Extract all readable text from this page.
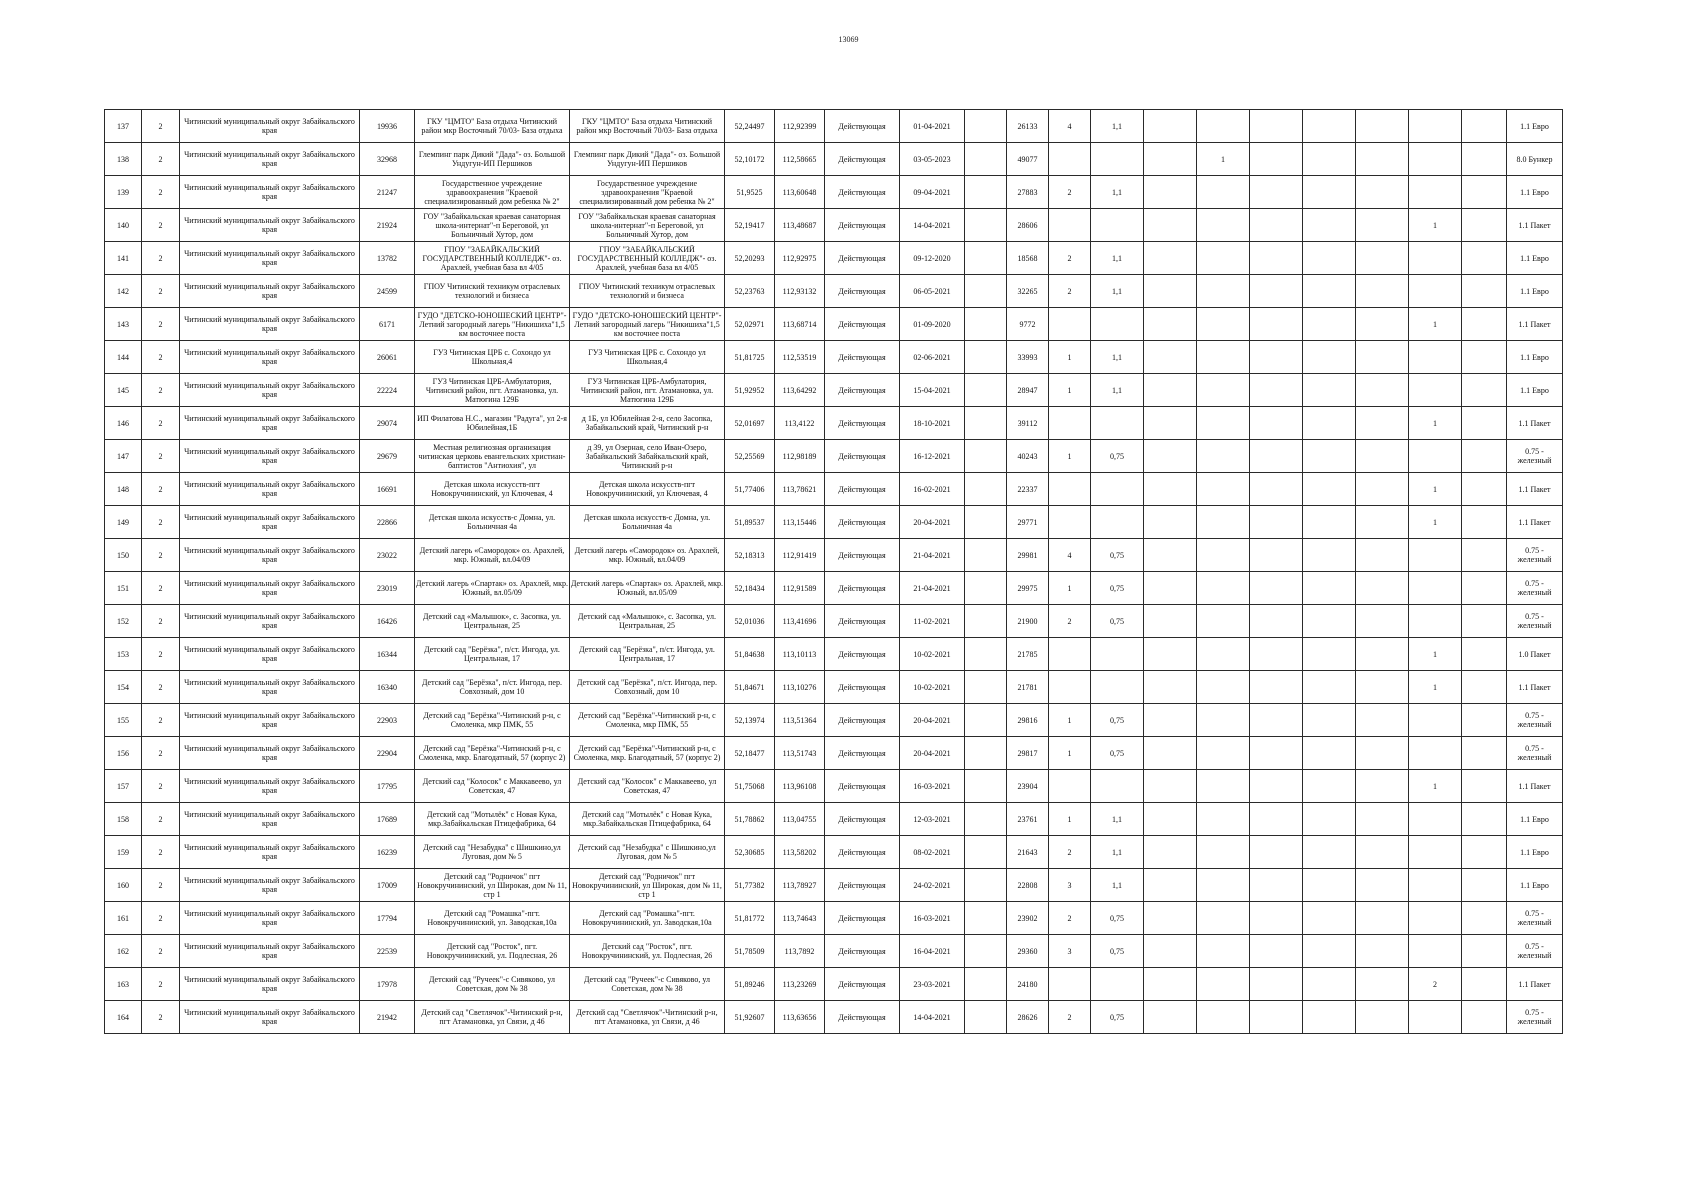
13069
137	2	Читинский муниципальный округ Забайкальского края	19936	ГКУ "ЦМТО" База отдыха Читинский район мкр Восточный 70/03- База отдыха	ГКУ "ЦМТО" База отдыха Читинский район мкр Восточный 70/03- База отдыха	52,24497	112,92399	Действующая	01-04-2021		26133	4	1,1								1.1 Евро
138	2	Читинский муниципальный округ Забайкальского края	32968	Глемпинг парк Дикий "Дада"- оз. Большой Ундугун-ИП Першиков	Глемпинг парк Дикий "Дада"- оз. Большой Ундугун-ИП Першиков	52,10172	112,58665	Действующая	03-05-2023		49077				1						8.0 Бункер
139	2	Читинский муниципальный округ Забайкальского края	21247	Государственное учреждение здравоохранения "Краевой специализированный дом ребенка № 2"	Государственное учреждение здравоохранения "Краевой специализированный дом ребенка № 2"	51,9525	113,60648	Действующая	09-04-2021		27883	2	1,1								1.1 Евро
140	2	Читинский муниципальный округ Забайкальского края	21924	ГОУ "Забайкальская краевая санаторная школа-интернат"-п Береговой, ул Больничный Хутор, дом	ГОУ "Забайкальская краевая санаторная школа-интернат"-п Береговой, ул Больничный Хутор, дом	52,19417	113,48687	Действующая	14-04-2021		28606								1		1.1 Пакет
141	2	Читинский муниципальный округ Забайкальского края	13782	ГПОУ "ЗАБАЙКАЛЬСКИЙ ГОСУДАРСТВЕННЫЙ КОЛЛЕДЖ"- оз. Арахлей, учебная база вл 4/05	ГПОУ "ЗАБАЙКАЛЬСКИЙ ГОСУДАРСТВЕННЫЙ КОЛЛЕДЖ"- оз. Арахлей, учебная база вл 4/05	52,20293	112,92975	Действующая	09-12-2020		18568	2	1,1								1.1 Евро
142	2	Читинский муниципальный округ Забайкальского края	24599	ГПОУ Читинский техникум отраслевых технологий и бизнеса	ГПОУ Читинский техникум отраслевых технологий и бизнеса	52,23763	112,93132	Действующая	06-05-2021		32265	2	1,1								1.1 Евро
143	2	Читинский муниципальный округ Забайкальского края	6171	ГУДО "ДЕТСКО-ЮНОШЕСКИЙ ЦЕНТР"-Летний загородный лагерь "Никишиха"1,5 км восточнее поста	ГУДО "ДЕТСКО-ЮНОШЕСКИЙ ЦЕНТР"-Летний загородный лагерь "Никишиха"1,5 км восточнее поста	52,02971	113,68714	Действующая	01-09-2020		9772								1		1.1 Пакет
144	2	Читинский муниципальный округ Забайкальского края	26061	ГУЗ Читинская ЦРБ с. Сохондо ул Школьная,4	ГУЗ Читинская ЦРБ с. Сохондо ул Школьная,4	51,81725	112,53519	Действующая	02-06-2021		33993	1	1,1								1.1 Евро
145	2	Читинский муниципальный округ Забайкальского края	22224	ГУЗ Читинская ЦРБ-Амбулатория, Читинский район, пгт. Атамановка, ул. Матюгина 129Б	ГУЗ Читинская ЦРБ-Амбулатория, Читинский район, пгт. Атамановка, ул. Матюгина 129Б	51,92952	113,64292	Действующая	15-04-2021		28947	1	1,1								1.1 Евро
146	2	Читинский муниципальный округ Забайкальского края	29074	ИП Филатова Н.С., магазин "Радуга", ул 2-я Юбилейная,1Б	д 1Б, ул Юбилейная 2-я, село Засопка, Забайкальский край, Читинский р-н	52,01697	113,4122	Действующая	18-10-2021		39112								1		1.1 Пакет
147	2	Читинский муниципальный округ Забайкальского края	29679	Местная религиозная организация читинская церковь евангельских христиан-баптистов "Антиохия", ул	д 39, ул Озерная, село Иван-Озеро, Забайкальский Забайкальский край, Читинский р-н	52,25569	112,98189	Действующая	16-12-2021		40243	1	0,75								0.75 - железный
148	2	Читинский муниципальный округ Забайкальского края	16691	Детская школа искусств-пгт Новокручининский, ул Ключевая, 4	Детская школа искусств-пгт Новокручининский, ул Ключевая, 4	51,77406	113,78621	Действующая	16-02-2021		22337								1		1.1 Пакет
149	2	Читинский муниципальный округ Забайкальского края	22866	Детская школа искусств-с Домна, ул. Больничная 4а	Детская школа искусств-с Домна, ул. Больничная 4а	51,89537	113,15446	Действующая	20-04-2021		29771								1		1.1 Пакет
150	2	Читинский муниципальный округ Забайкальского края	23022	Детский лагерь «Самородок» оз. Арахлей, мкр. Южный, вл.04/09	Детский лагерь «Самородок» оз. Арахлей, мкр. Южный, вл.04/09	52,18313	112,91419	Действующая	21-04-2021		29981	4	0,75								0.75 - железный
151	2	Читинский муниципальный округ Забайкальского края	23019	Детский лагерь «Спартак» оз. Арахлей, мкр. Южный, вл.05/09	Детский лагерь «Спартак» оз. Арахлей, мкр. Южный, вл.05/09	52,18434	112,91589	Действующая	21-04-2021		29975	1	0,75								0.75 - железный
152	2	Читинский муниципальный округ Забайкальского края	16426	Детский сад «Малышок», с. Засопка, ул. Центральная, 25	Детский сад «Малышок», с. Засопка, ул. Центральная, 25	52,01036	113,41696	Действующая	11-02-2021		21900	2	0,75								0.75 - железный
153	2	Читинский муниципальный округ Забайкальского края	16344	Детский сад "Берёзка", п/ст. Ингода, ул. Центральная, 17	Детский сад "Берёзка", п/ст. Ингода, ул. Центральная, 17	51,84638	113,10113	Действующая	10-02-2021		21785								1		1.0 Пакет
154	2	Читинский муниципальный округ Забайкальского края	16340	Детский сад "Берёзка", п/ст. Ингода, пер. Совхозный, дом 10	Детский сад "Берёзка", п/ст. Ингода, пер. Совхозный, дом 10	51,84671	113,10276	Действующая	10-02-2021		21781								1		1.1 Пакет
155	2	Читинский муниципальный округ Забайкальского края	22903	Детский сад "Берёзка"-Читинский р-н, с Смоленка, мкр ПМК, 55	Детский сад "Берёзка"-Читинский р-н, с Смоленка, мкр ПМК, 55	52,13974	113,51364	Действующая	20-04-2021		29816	1	0,75								0.75 - железный
156	2	Читинский муниципальный округ Забайкальского края	22904	Детский сад "Берёзка"-Читинский р-н, с Смоленка, мкр. Благодатный, 57 (корпус 2)	Детский сад "Берёзка"-Читинский р-н, с Смоленка, мкр. Благодатный, 57 (корпус 2)	52,18477	113,51743	Действующая	20-04-2021		29817	1	0,75								0.75 - железный
157	2	Читинский муниципальный округ Забайкальского края	17795	Детский сад "Колосок" с Маккавеево, ул Советская, 47	Детский сад "Колосок" с Маккавеево, ул Советская, 47	51,75068	113,96108	Действующая	16-03-2021		23904								1		1.1 Пакет
158	2	Читинский муниципальный округ Забайкальского края	17689	Детский сад "Мотылёк" с Новая Кука, мкр.Забайкальская Птицефабрика, 64	Детский сад "Мотылёк" с Новая Кука, мкр.Забайкальская Птицефабрика, 64	51,78862	113,04755	Действующая	12-03-2021		23761	1	1,1								1.1 Евро
159	2	Читинский муниципальный округ Забайкальского края	16239	Детский сад "Незабудка" с Шишкино,ул Луговая, дом № 5	Детский сад "Незабудка" с Шишкино,ул Луговая, дом № 5	52,30685	113,58202	Действующая	08-02-2021		21643	2	1,1								1.1 Евро
160	2	Читинский муниципальный округ Забайкальского края	17009	Детский сад "Родничок" пгт Новокручининский, ул Широкая, дом № 11, стр 1	Детский сад "Родничок" пгт Новокручининский, ул Широкая, дом № 11, стр 1	51,77382	113,78927	Действующая	24-02-2021		22808	3	1,1								1.1 Евро
161	2	Читинский муниципальный округ Забайкальского края	17794	Детский сад "Ромашка"-пгт. Новокручининский, ул. Заводская,10а	Детский сад "Ромашка"-пгт. Новокручининский, ул. Заводская,10а	51,81772	113,74643	Действующая	16-03-2021		23902	2	0,75								0.75 - железный
162	2	Читинский муниципальный округ Забайкальского края	22539	Детский сад "Росток", пгт. Новокручининский, ул. Подлесная, 26	Детский сад "Росток", пгт. Новокручининский, ул. Подлесная, 26	51,78509	113,7892	Действующая	16-04-2021		29360	3	0,75								0.75 - железный
163	2	Читинский муниципальный округ Забайкальского края	17978	Детский сад "Ручеек"-с Сивяково, ул Советская, дом № 38	Детский сад "Ручеек"-с Сивяково, ул Советская, дом № 38	51,89246	113,23269	Действующая	23-03-2021		24180								2		1.1 Пакет
164	2	Читинский муниципальный округ Забайкальского края	21942	Детский сад "Светлячок"-Читинский р-н, пгт Атамановка, ул Связи, д 46	Детский сад "Светлячок"-Читинский р-н, пгт Атамановка, ул Связи, д 46	51,92607	113,63656	Действующая	14-04-2021		28626	2	0,75								0.75 - железный
